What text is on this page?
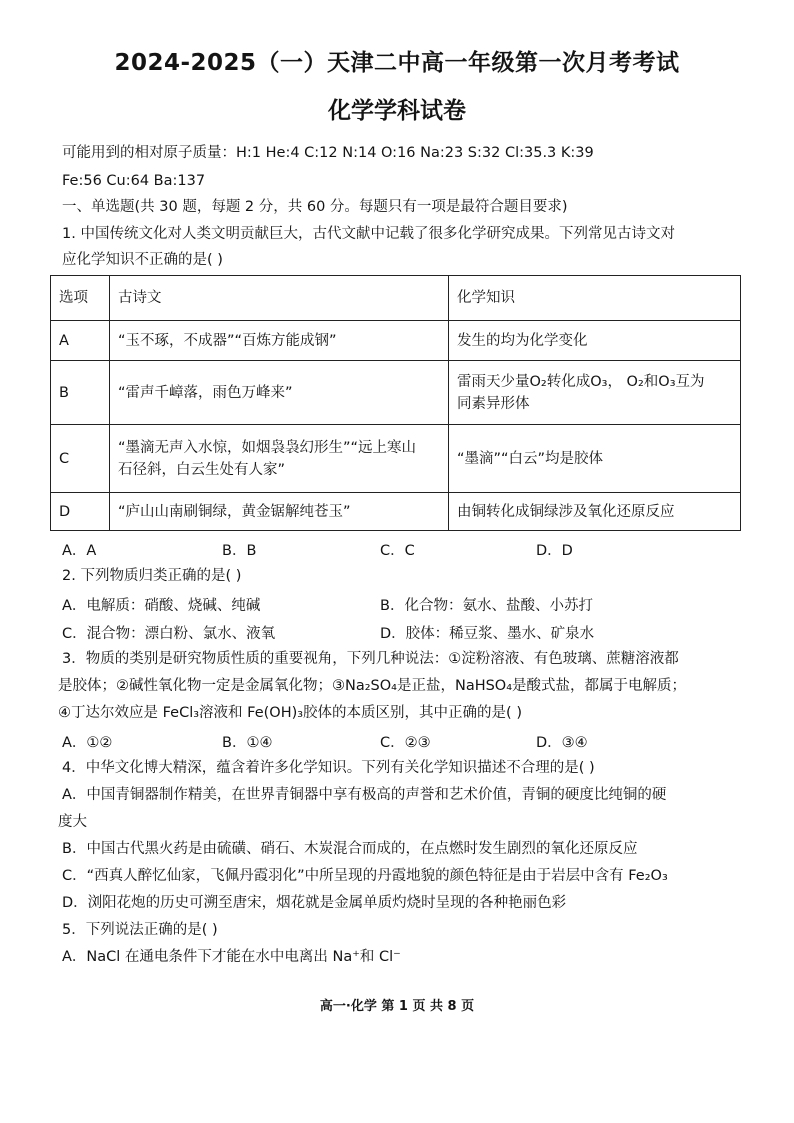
2024-2025（一）天津二中高一年级第一次月考考试
化学学科试卷
可能用到的相对原子质量：H:1 He:4 C:12 N:14 O:16 Na:23 S:32 Cl:35.3 K:39
Fe:56 Cu:64 Ba:137
一、单选题(共 30 题，每题 2 分，共 60 分。每题只有一项是最符合题目要求)
1. 中国传统文化对人类文明贡献巨大，古代文献中记载了很多化学研究成果。下列常见古诗文对
应化学知识不正确的是( )
选项	古诗文	化学知识
A	“玉不琢，不成器”“百炼方能成钢”	发生的均为化学变化
B	“雷声千嶂落，雨色万峰来”	雷雨天少量O₂转化成O₃， O₂和O₃互为
同素异形体

C	“墨滴无声入水惊，如烟袅袅幻形生”“远上寒山
石径斜，白云生处有人家”	“墨滴”“白云”均是胶体
D	“庐山山南刷铜绿，黄金锯解纯苍玉”	由铜转化成铜绿涉及氧化还原反应
A．A	B．B	C．C	D．D
2. 下列物质归类正确的是( )
A．电解质：硝酸、烧碱、纯碱	B．化合物：氨水、盐酸、小苏打
C．混合物：漂白粉、氯水、液氧	D．胶体：稀豆浆、墨水、矿泉水
3．物质的类别是研究物质性质的重要视角，下列几种说法：①淀粉溶液、有色玻璃、蔗糖溶液都
是胶体；②碱性氧化物一定是金属氧化物；③Na₂SO₄是正盐，NaHSO₄是酸式盐，都属于电解质；
④丁达尔效应是 FeCl₃溶液和 Fe(OH)₃胶体的本质区别，其中正确的是( )
A．①②	B．①④	C．②③	D．③④
4．中华文化博大精深，蕴含着许多化学知识。下列有关化学知识描述不合理的是( )
A．中国青铜器制作精美，在世界青铜器中享有极高的声誉和艺术价值，青铜的硬度比纯铜的硬
度大
B．中国古代黑火药是由硫磺、硝石、木炭混合而成的，在点燃时发生剧烈的氧化还原反应
C．“西真人醉忆仙家，飞佩丹霞羽化”中所呈现的丹霞地貌的颜色特征是由于岩层中含有 Fe₂O₃
D．浏阳花炮的历史可溯至唐宋，烟花就是金属单质灼烧时呈现的各种艳丽色彩
5．下列说法正确的是( )
A．NaCl 在通电条件下才能在水中电离出 Na⁺和 Cl⁻
高一·化学 第 1 页 共 8 页
